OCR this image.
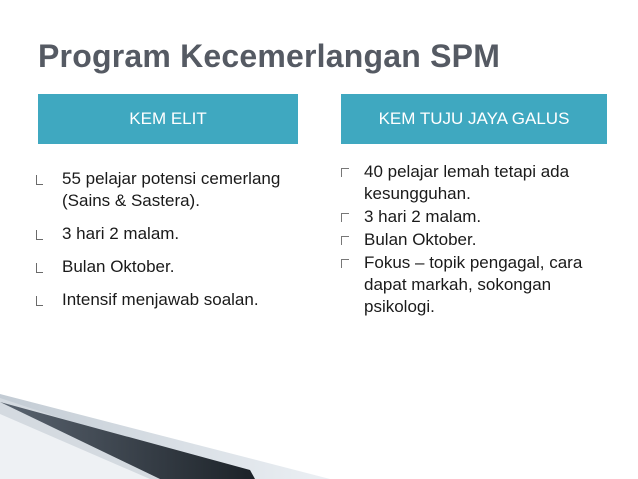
Program Kecemerlangan SPM
KEM ELIT	KEM TUJU JAYA GALUS
55 pelajar potensi cemerlang (Sains & Sastera).
3 hari 2 malam.
Bulan Oktober.
Intensif menjawab soalan.
40 pelajar lemah tetapi ada kesungguhan.
3 hari 2 malam.
Bulan Oktober.
Fokus – topik pengagal, cara dapat markah, sokongan psikologi.
